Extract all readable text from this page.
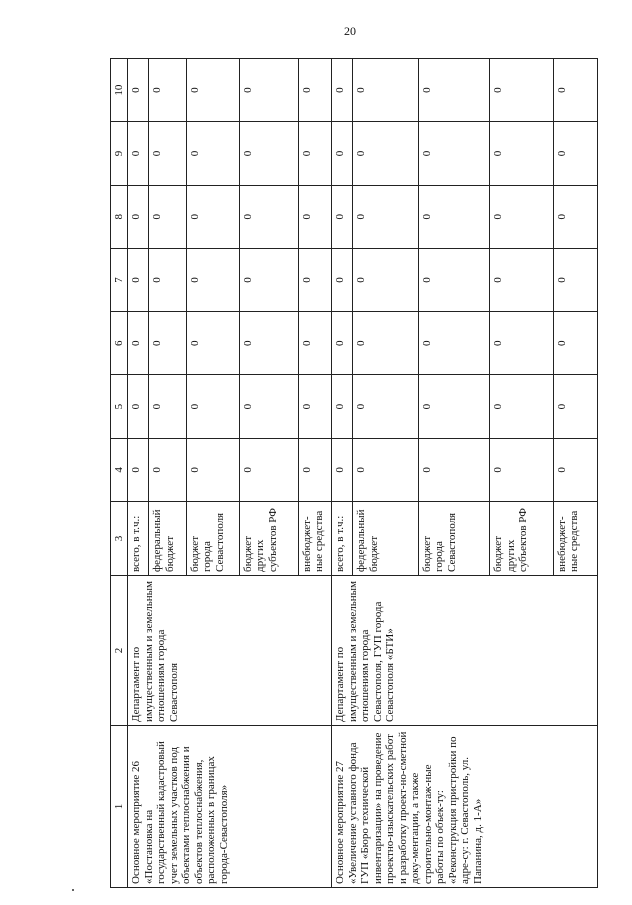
20
1	2	3	4	5	6	7	8	9	10
Основное мероприятие 26 «Постановка на государственный кадастровый учет земельных участков под объектами теплоснабжения и объектов теплоснабжения, расположенных в границах города-Севастополя»	Департамент по имущественным и земельным отношениям города Севастополя	всего, в т.ч.:	0	0	0	0	0	0	0
		федеральный бюджет	0	0	0	0	0	0	0
		бюджет города Севастополя	0	0	0	0	0	0	0
		бюджет других субъектов РФ	0	0	0	0	0	0	0
		внебюджет-ные средства	0	0	0	0	0	0	0
Основное мероприятие 27 «Увеличение уставного фонда ГУП «Бюро технической инвентаризации» на проведение проектно-изыскательских работ и разработку проект-но-сметной доку-ментации, а также строительно-монтаж-ные работы по объек-ту: «Реконструкция пристройки по адре-су: г. Севастополь, ул. Папанина, д. 1-А»	Департамент по имущественным и земельным отношениям города Севастополя, ГУП города Севастополя «БТИ»	всего, в т.ч.:	0	0	0	0	0	0	0
		федеральный бюджет	0	0	0	0	0	0	0
		бюджет города Севастополя	0	0	0	0	0	0	0
		бюджет других субъектов РФ	0	0	0	0	0	0	0
		внебюджет-ные средства	0	0	0	0	0	0	0
